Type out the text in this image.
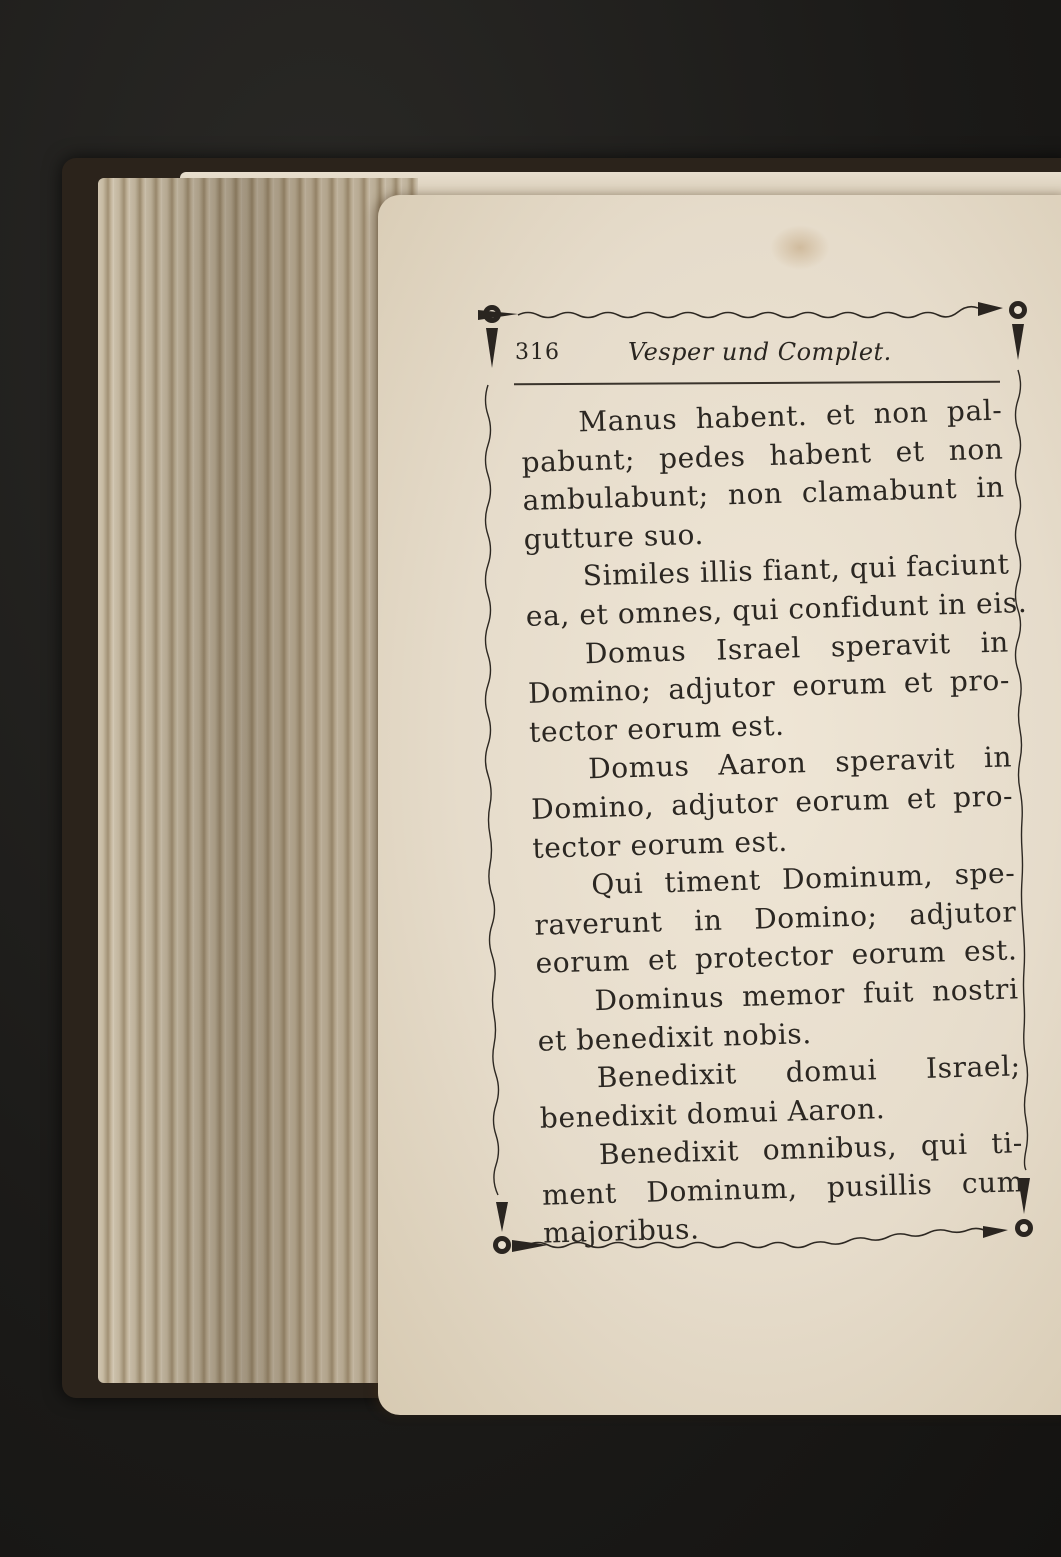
316	Vesper und Complet.
Manus habent. et non pal-
pabunt; pedes habent et non
ambulabunt; non clamabunt in
gutture suo.
Similes illis fiant, qui faciunt
ea, et omnes, qui confidunt in eis.
Domus Israel speravit in
Domino; adjutor eorum et pro-
tector eorum est.
Domus Aaron speravit in
Domino, adjutor eorum et pro-
tector eorum est.
Qui timent Dominum, spe-
raverunt in Domino; adjutor
eorum et protector eorum est.
Dominus memor fuit nostri
et benedixit nobis.
Benedixit domui Israel;
benedixit domui Aaron.
Benedixit omnibus, qui ti-
ment Dominum, pusillis cum
majoribus.
